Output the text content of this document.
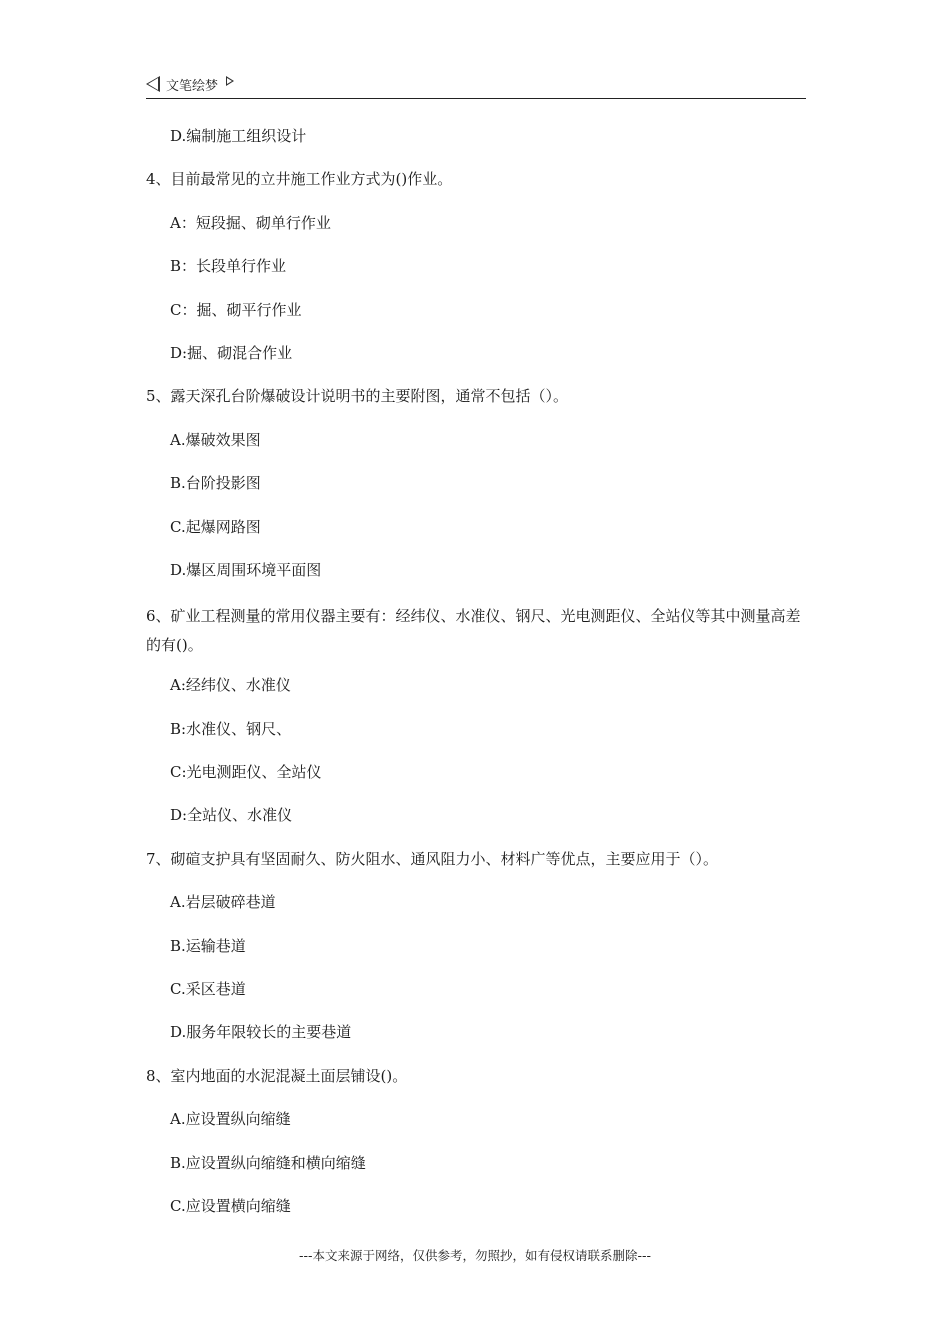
文笔绘梦
D.编制施工组织设计
4、目前最常见的立井施工作业方式为()作业。
A：短段掘、砌单行作业
B：长段单行作业
C：掘、砌平行作业
D:掘、砌混合作业
5、露天深孔台阶爆破设计说明书的主要附图，通常不包括（）。
A.爆破效果图
B.台阶投影图
C.起爆网路图
D.爆区周围环境平面图
6、矿业工程测量的常用仪器主要有：经纬仪、水准仪、钢尺、光电测距仪、全站仪等其中测量高差的有()。
A:经纬仪、水准仪
B:水准仪、钢尺、
C:光电测距仪、全站仪
D:全站仪、水准仪
7、砌碹支护具有坚固耐久、防火阻水、通风阻力小、材料广等优点，主要应用于（）。
A.岩层破碎巷道
B.运输巷道
C.采区巷道
D.服务年限较长的主要巷道
8、室内地面的水泥混凝土面层铺设()。
A.应设置纵向缩缝
B.应设置纵向缩缝和横向缩缝
C.应设置横向缩缝
---本文来源于网络，仅供参考，勿照抄，如有侵权请联系删除---
